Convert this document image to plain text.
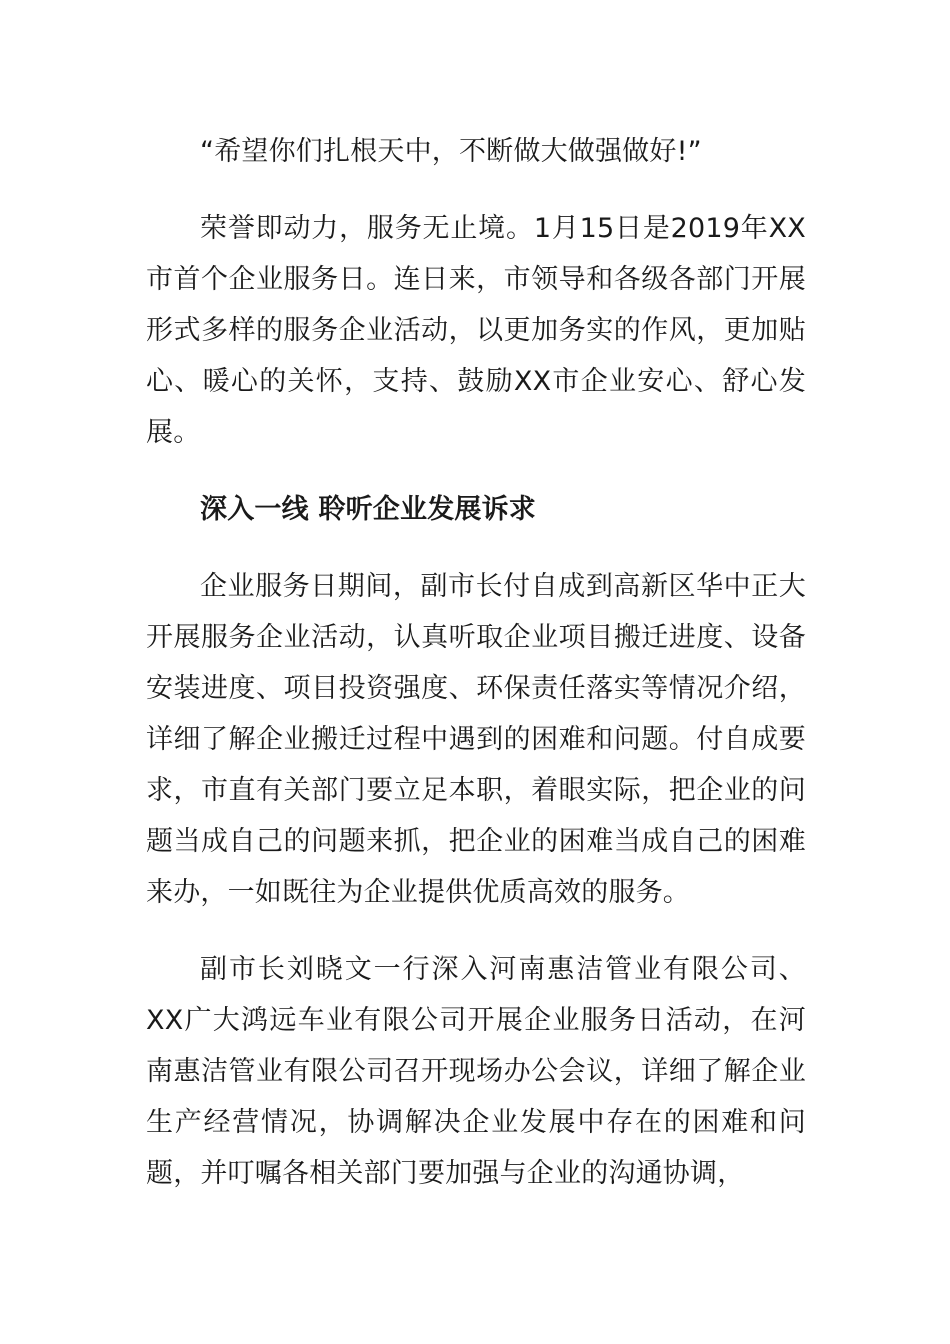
“希望你们扎根天中，不断做大做强做好!”

荣誉即动力，服务无止境。1月15日是2019年XX市首个企业服务日。连日来，市领导和各级各部门开展形式多样的服务企业活动，以更加务实的作风，更加贴心、暖心的关怀，支持、鼓励XX市企业安心、舒心发展。

深入一线 聆听企业发展诉求

企业服务日期间，副市长付自成到高新区华中正大开展服务企业活动，认真听取企业项目搬迁进度、设备安装进度、项目投资强度、环保责任落实等情况介绍，详细了解企业搬迁过程中遇到的困难和问题。付自成要求，市直有关部门要立足本职，着眼实际，把企业的问题当成自己的问题来抓，把企业的困难当成自己的困难来办，一如既往为企业提供优质高效的服务。

副市长刘晓文一行深入河南惠洁管业有限公司、XX广大鸿远车业有限公司开展企业服务日活动，在河南惠洁管业有限公司召开现场办公会议，详细了解企业生产经营情况，协调解决企业发展中存在的困难和问题，并叮嘱各相关部门要加强与企业的沟通协调，
